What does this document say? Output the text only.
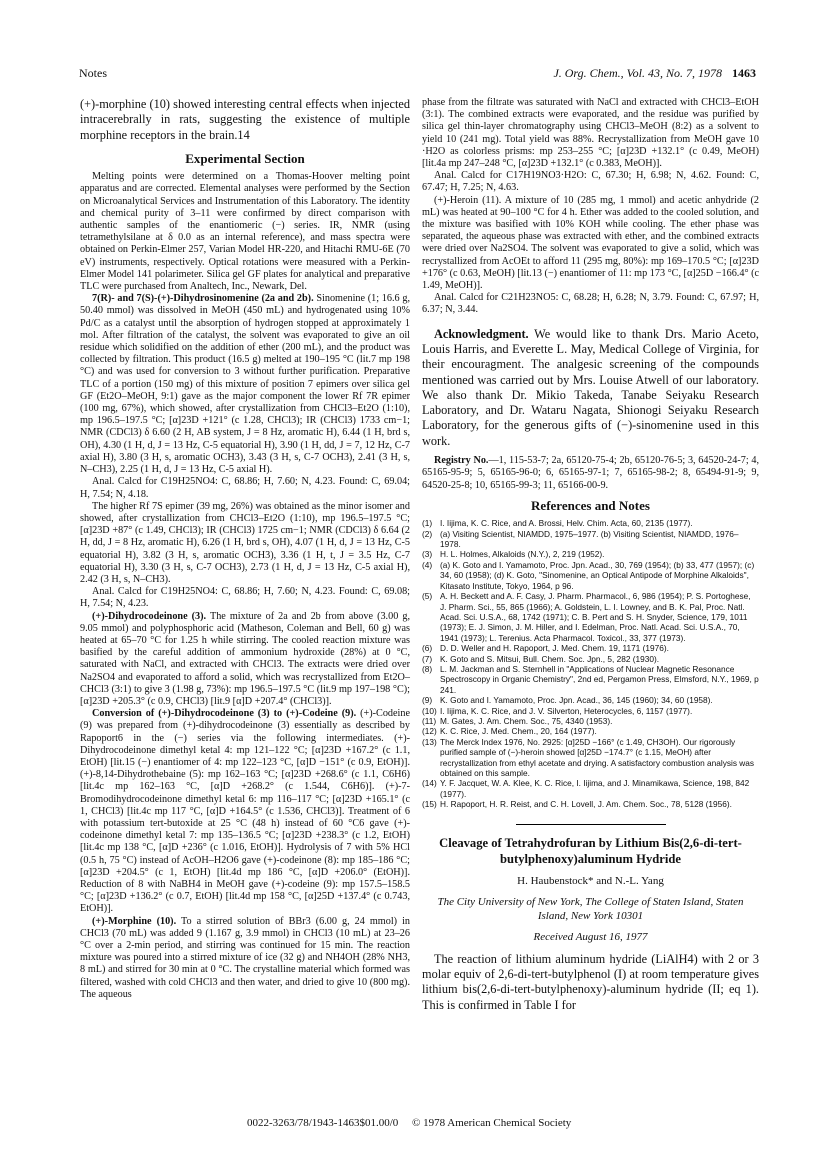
Notes	J. Org. Chem., Vol. 43, No. 7, 1978 1463

(+)-morphine (10) showed interesting central effects when injected intracerebrally in rats, suggesting the existence of multiple morphine receptors in the brain.14

Experimental Section

Melting points were determined on a Thomas-Hoover melting point apparatus and are corrected. Elemental analyses were performed by the Section on Microanalytical Services and Instrumentation of this Laboratory. The identity and chemical purity of 3–11 were confirmed by direct comparison with authentic samples of the enantiomeric (−) series. IR, NMR (using tetramethylsilane at δ 0.0 as an internal reference), and mass spectra were obtained on Perkin-Elmer 257, Varian Model HR-220, and Hitachi RMU-6E (70 eV) instruments, respectively. Optical rotations were measured with a Perkin-Elmer Model 141 polarimeter. Silica gel GF plates for analytical and preparative TLC were purchased from Analtech, Inc., Newark, Del.

7(R)- and 7(S)-(+)-Dihydrosinomenine (2a and 2b). Sinomenine (1; 16.6 g, 50.40 mmol) was dissolved in MeOH (450 mL) and hydrogenated using 10% Pd/C as a catalyst until the absorption of hydrogen stopped at approximately 1 mol. After filtration of the catalyst, the solvent was evaporated to give an oil residue which solidified on the addition of ether (200 mL), and the product was collected by filtration. This product (16.5 g) melted at 190–195 °C (lit.7 mp 198 °C) and was used for conversion to 3 without further purification. Preparative TLC of a portion (150 mg) of this mixture of position 7 epimers over silica gel GF (Et2O–MeOH, 9:1) gave as the major component the lower Rf 7R epimer (100 mg, 67%), which showed, after crystallization from CHCl3–Et2O (1:10), mp 196.5–197.5 °C; [α]23D +121° (c 1.28, CHCl3); IR (CHCl3) 1733 cm−1; NMR (CDCl3) δ 6.60 (2 H, AB system, J = 8 Hz, aromatic H), 6.44 (1 H, brd s, OH), 4.30 (1 H, d, J = 13 Hz, C-5 equatorial H), 3.90 (1 H, dd, J = 7, 12 Hz, C-7 axial H), 3.80 (3 H, s, aromatic OCH3), 3.43 (3 H, s, C-7 OCH3), 2.41 (3 H, s, N–CH3), 2.25 (1 H, d, J = 13 Hz, C-5 axial H).

Anal. Calcd for C19H25NO4: C, 68.86; H, 7.60; N, 4.23. Found: C, 69.04; H, 7.54; N, 4.18.

The higher Rf 7S epimer (39 mg, 26%) was obtained as the minor isomer and showed, after crystallization from CHCl3–Et2O (1:10), mp 196.5–197.5 °C; [α]23D +87° (c 1.49, CHCl3); IR (CHCl3) 1725 cm−1; NMR (CDCl3) δ 6.64 (2 H, dd, J = 8 Hz, aromatic H), 6.26 (1 H, brd s, OH), 4.07 (1 H, d, J = 13 Hz, C-5 equatorial H), 3.82 (3 H, s, aromatic OCH3), 3.36 (1 H, t, J = 3.5 Hz, C-7 equatorial H), 3.30 (3 H, s, C-7 OCH3), 2.73 (1 H, d, J = 13 Hz, C-5 axial H), 2.42 (3 H, s, N–CH3).

Anal. Calcd for C19H25NO4: C, 68.86; H, 7.60; N, 4.23. Found: C, 69.08; H, 7.54; N, 4.23.

(+)-Dihydrocodeinone (3). The mixture of 2a and 2b from above (3.00 g, 9.05 mmol) and polyphosphoric acid (Matheson, Coleman and Bell, 60 g) was heated at 65–70 °C for 1.25 h while stirring. The cooled reaction mixture was basified by the careful addition of ammonium hydroxide (28%) at 0 °C, saturated with NaCl, and extracted with CHCl3. The extracts were dried over Na2SO4 and evaporated to afford a solid, which was recrystallized from Et2O–CHCl3 (3:1) to give 3 (1.98 g, 73%): mp 196.5–197.5 °C (lit.9 mp 197–198 °C); [α]23D +205.3° (c 0.9, CHCl3) [lit.9 [α]D +207.4° (CHCl3)].

Conversion of (+)-Dihydrocodeinone (3) to (+)-Codeine (9). (+)-Codeine (9) was prepared from (+)-dihydrocodeinone (3) essentially as described by Rapoport6 in the (−) series via the following intermediates. (+)-Dihydrocodeinone dimethyl ketal 4: mp 121–122 °C; [α]23D +167.2° (c 1.1, EtOH) [lit.15 (−) enantiomer of 4: mp 122–123 °C, [α]D −151° (c 0.9, EtOH)]. (+)-8,14-Dihydrothebaine (5): mp 162–163 °C; [α]23D +268.6° (c 1.1, C6H6) [lit.4c mp 162–163 °C, [α]D +268.2° (c 1.544, C6H6)]. (+)-7-Bromodihydrocodeinone dimethyl ketal 6: mp 116–117 °C; [α]23D +165.1° (c 1, CHCl3) [lit.4c mp 117 °C, [α]D +164.5° (c 1.536, CHCl3)]. Treatment of 6 with potassium tert-butoxide at 25 °C (48 h) instead of 60 °C6 gave (+)-codeinone dimethyl ketal 7: mp 135–136.5 °C; [α]23D +238.3° (c 1.2, EtOH) [lit.4c mp 138 °C, [α]D +236° (c 1.016, EtOH)]. Hydrolysis of 7 with 5% HCl (0.5 h, 75 °C) instead of AcOH–H2O6 gave (+)-codeinone (8): mp 185–186 °C; [α]23D +204.5° (c 1, EtOH) [lit.4d mp 186 °C, [α]D +206.0° (EtOH)]. Reduction of 8 with NaBH4 in MeOH gave (+)-codeine (9): mp 157.5–158.5 °C; [α]23D +136.2° (c 0.7, EtOH) [lit.4d mp 158 °C, [α]25D +137.4° (c 0.743, EtOH)].

(+)-Morphine (10). To a stirred solution of BBr3 (6.00 g, 24 mmol) in CHCl3 (70 mL) was added 9 (1.167 g, 3.9 mmol) in CHCl3 (10 mL) at 23–26 °C over a 2-min period, and stirring was continued for 15 min. The reaction mixture was poured into a stirred mixture of ice (32 g) and NH4OH (28% NH3, 8 mL) and stirred for 30 min at 0 °C. The crystalline material which formed was filtered, washed with cold CHCl3 and then water, and dried to give 10 (800 mg). The aqueous

phase from the filtrate was saturated with NaCl and extracted with CHCl3–EtOH (3:1). The combined extracts were evaporated, and the residue was purified by silica gel thin-layer chromatography using CHCl3–MeOH (8:2) as a solvent to yield 10 (241 mg). Total yield was 88%. Recrystallization from MeOH gave 10 ·H2O as colorless prisms: mp 253–255 °C; [α]23D +132.1° (c 0.49, MeOH) [lit.4a mp 247–248 °C, [α]23D +132.1° (c 0.383, MeOH)].

Anal. Calcd for C17H19NO3·H2O: C, 67.30; H, 6.98; N, 4.62. Found: C, 67.47; H, 7.25; N, 4.63.

(+)-Heroin (11). A mixture of 10 (285 mg, 1 mmol) and acetic anhydride (2 mL) was heated at 90–100 °C for 4 h. Ether was added to the cooled solution, and the mixture was basified with 10% KOH while cooling. The ether phase was separated, the aqueous phase was extracted with ether, and the combined extracts were dried over Na2SO4. The solvent was evaporated to give a solid, which was recrystallized from AcOEt to afford 11 (295 mg, 80%): mp 169–170.5 °C; [α]23D +176° (c 0.63, MeOH) [lit.13 (−) enantiomer of 11: mp 173 °C, [α]25D −166.4° (c 1.49, MeOH)].

Anal. Calcd for C21H23NO5: C, 68.28; H, 6.28; N, 3.79. Found: C, 67.97; H, 6.37; N, 3.44.

Acknowledgment. We would like to thank Drs. Mario Aceto, Louis Harris, and Everette L. May, Medical College of Virginia, for their encouragment. The analgesic screening of the compounds mentioned was carried out by Mrs. Louise Atwell of our laboratory. We also thank Dr. Mikio Takeda, Tanabe Seiyaku Research Laboratory, and Dr. Wataru Nagata, Shionogi Seiyaku Research Laboratory, for the generous gifts of (−)-sinomenine used in this work.

Registry No.—1, 115-53-7; 2a, 65120-75-4; 2b, 65120-76-5; 3, 64520-24-7; 4, 65165-95-9; 5, 65165-96-0; 6, 65165-97-1; 7, 65165-98-2; 8, 65494-91-9; 9, 64520-25-8; 10, 65165-99-3; 11, 65166-00-9.

References and Notes
(1) I. Iijima, K. C. Rice, and A. Brossi, Helv. Chim. Acta, 60, 2135 (1977).
(2) (a) Visiting Scientist, NIAMDD, 1975–1977. (b) Visiting Scientist, NIAMDD, 1976–1978.
(3) H. L. Holmes, Alkaloids (N.Y.), 2, 219 (1952).
(4) (a) K. Goto and I. Yamamoto, Proc. Jpn. Acad., 30, 769 (1954); (b) 33, 477 (1957); (c) 34, 60 (1958); (d) K. Goto, "Sinomenine, an Optical Antipode of Morphine Alkaloids", Kitasato Institute, Tokyo, 1964, p 96.
(5) A. H. Beckett and A. F. Casy, J. Pharm. Pharmacol., 6, 986 (1954); P. S. Portoghese, J. Pharm. Sci., 55, 865 (1966); A. Goldstein, L. I. Lowney, and B. K. Pal, Proc. Natl. Acad. Sci. U.S.A., 68, 1742 (1971); C. B. Pert and S. H. Snyder, Science, 179, 1011 (1973); E. J. Simon, J. M. Hiller, and I. Edelman, Proc. Natl. Acad. Sci. U.S.A., 70, 1941 (1973); L. Terenius. Acta Pharmacol. Toxicol., 33, 377 (1973).
(6) D. D. Weller and H. Rapoport, J. Med. Chem. 19, 1171 (1976).
(7) K. Goto and S. Mitsui, Bull. Chem. Soc. Jpn., 5, 282 (1930).
(8) L. M. Jackman and S. Sternhell in "Applications of Nuclear Magnetic Resonance Spectroscopy in Organic Chemistry", 2nd ed, Pergamon Press, Elmsford, N.Y., 1969, p 241.
(9) K. Goto and I. Yamamoto, Proc. Jpn. Acad., 36, 145 (1960); 34, 60 (1958).
(10) I. Iijima, K. C. Rice, and J. V. Silverton, Heterocycles, 6, 1157 (1977).
(11) M. Gates, J. Am. Chem. Soc., 75, 4340 (1953).
(12) K. C. Rice, J. Med. Chem., 20, 164 (1977).
(13) The Merck Index 1976, No. 2925: [α]25D −166° (c 1.49, CH3OH). Our rigorously purified sample of (−)-heroin showed [α]25D −174.7° (c 1.15, MeOH) after recrystallization from ethyl acetate and drying. A satisfactory combustion analysis was obtained on this sample.
(14) Y. F. Jacquet, W. A. Klee, K. C. Rice, I. Iijima, and J. Minamikawa, Science, 198, 842 (1977).
(15) H. Rapoport, H. R. Reist, and C. H. Lovell, J. Am. Chem. Soc., 78, 5128 (1956).
Cleavage of Tetrahydrofuran by Lithium Bis(2,6-di-tert-butylphenoxy)aluminum Hydride

H. Haubenstock* and N.-L. Yang

The City University of New York, The College of Staten Island, Staten Island, New York 10301

Received August 16, 1977

The reaction of lithium aluminum hydride (LiAlH4) with 2 or 3 molar equiv of 2,6-di-tert-butylphenol (I) at room temperature gives lithium bis(2,6-di-tert-butylphenoxy)-aluminum hydride (II; eq 1). This is confirmed in Table I for

0022-3263/78/1943-1463$01.00/0 © 1978 American Chemical Society
